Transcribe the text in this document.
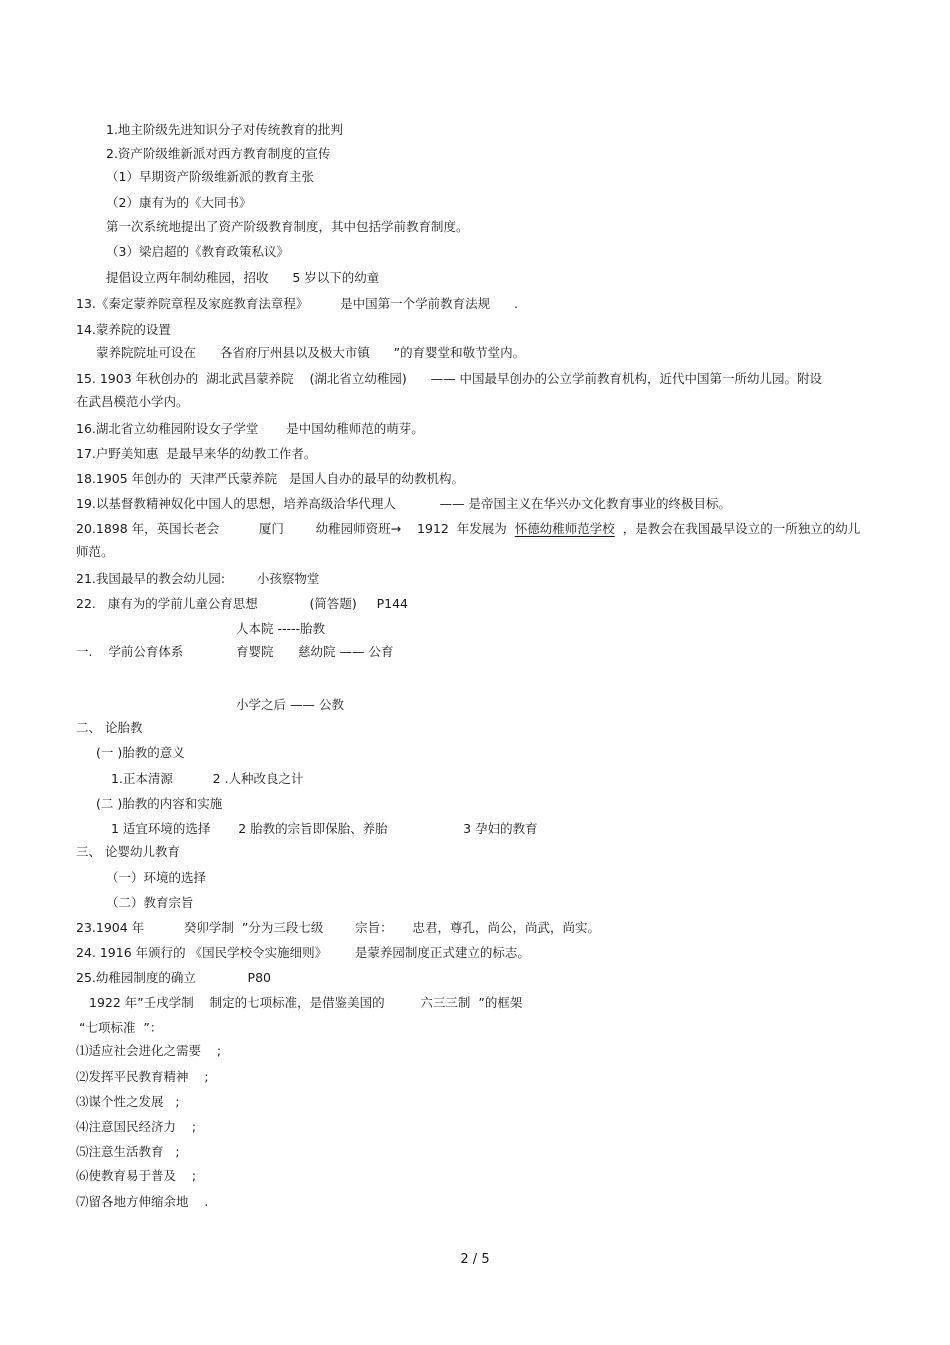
1.地主阶级先进知识分子对传统教育的批判
2.资产阶级维新派对西方教育制度的宣传
（1）早期资产阶级维新派的教育主张
（2）康有为的《大同书》
第一次系统地提出了资产阶级教育制度，其中包括学前教育制度。
（3）梁启超的《教育政策私议》
提倡设立两年制幼稚园，招收      5 岁以下的幼童
13.《秦定蒙养院章程及家庭教育法章程》        是中国第一个学前教育法规      .
14.蒙养院的设置
蒙养院院址可设在      各省府厅州县以及极大市镇      ”的育婴堂和敬节堂内。
15. 1903 年秋创办的  湖北武昌蒙养院    (湖北省立幼稚园)      —— 中国最早创办的公立学前教育机构，近代中国第一所幼儿园。附设
在武昌模范小学内。
16.湖北省立幼稚园附设女子学堂       是中国幼稚师范的萌芽。
17.户野美知惠  是最早来华的幼教工作者。
18.1905 年创办的  天津严氏蒙养院   是国人自办的最早的幼教机构。
19.以基督教精神奴化中国人的思想，培养高级洽华代理人           —— 是帝国主义在华兴办文化教育事业的终极目标。
20.1898 年，英国长老会          厦门        幼稚园师资班→    1912  年发展为  怀德幼稚师范学校  ，是教会在我国最早设立的一所独立的幼儿
师范。
21.我国最早的教会幼儿园:        小孩察物堂
22.   康有为的学前儿童公育思想             (简答题)     P144
人本院 -----胎教
一.    学前公育体系	育婴院 慈幼院 —— 公育
小学之后 —— 公教
二、 论胎教
(一 )胎教的意义
1.正本清源          2 .人种改良之计
(二 )胎教的内容和实施
1 适宜环境的选择       2 胎教的宗旨即保胎、养胎                   3 孕妇的教育
三、 论婴幼儿教育
（一）环境的选择
（二）教育宗旨
23.1904 年          癸卯学制  ”分为三段七级        宗旨：     忠君，尊孔，尚公，尚武，尚实。
24. 1916 年颁行的 《国民学校令实施细则》       是蒙养园制度正式建立的标志。
25.幼稚园制度的确立             P80
1922 年”壬戌学制    制定的七项标准，是借鉴美国的         六三三制  ”的框架
“七项标准  ”：
⑴适应社会进化之需要    ;
⑵发挥平民教育精神    ;
⑶谋个性之发展   ;
⑷注意国民经济力    ;
⑸注意生活教育   ;
⑹使教育易于普及    ;
⑺留各地方伸缩余地    .
2 / 5
